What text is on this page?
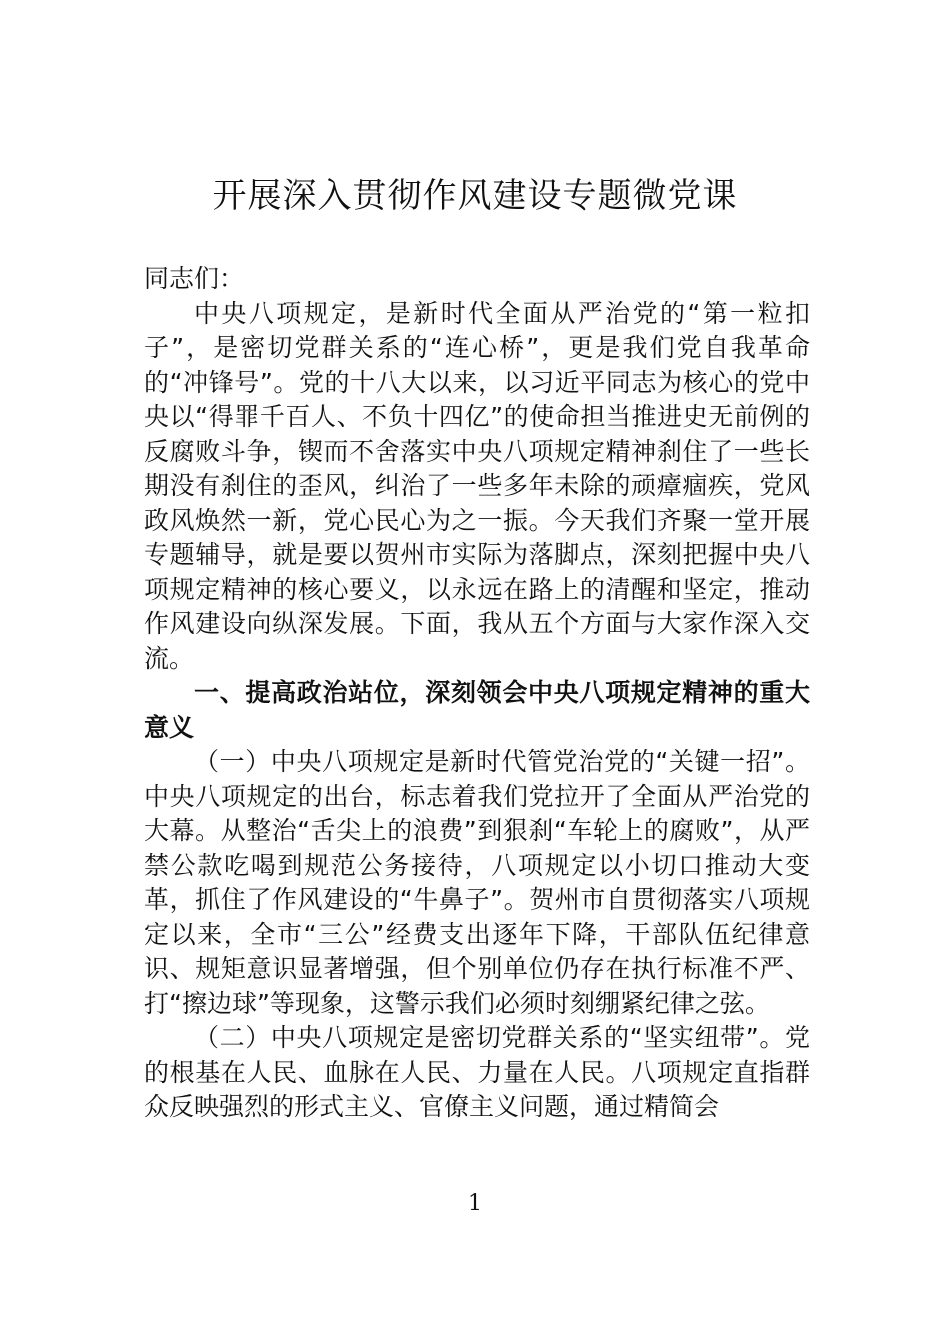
开展深入贯彻作风建设专题微党课

同志们：

中央八项规定，是新时代全面从严治党的“第一粒扣子”，是密切党群关系的“连心桥”，更是我们党自我革命的“冲锋号”。党的十八大以来，以习近平同志为核心的党中央以“得罪千百人、不负十四亿”的使命担当推进史无前例的反腐败斗争，锲而不舍落实中央八项规定精神刹住了一些长期没有刹住的歪风，纠治了一些多年未除的顽瘴痼疾，党风政风焕然一新，党心民心为之一振。今天我们齐聚一堂开展专题辅导，就是要以贺州市实际为落脚点，深刻把握中央八项规定精神的核心要义，以永远在路上的清醒和坚定，推动作风建设向纵深发展。下面，我从五个方面与大家作深入交流。

一、提高政治站位，深刻领会中央八项规定精神的重大意义

（一）中央八项规定是新时代管党治党的“关键一招”。中央八项规定的出台，标志着我们党拉开了全面从严治党的大幕。从整治“舌尖上的浪费”到狠刹“车轮上的腐败”，从严禁公款吃喝到规范公务接待，八项规定以小切口推动大变革，抓住了作风建设的“牛鼻子”。贺州市自贯彻落实八项规定以来，全市“三公”经费支出逐年下降，干部队伍纪律意识、规矩意识显著增强，但个别单位仍存在执行标准不严、打“擦边球”等现象，这警示我们必须时刻绷紧纪律之弦。

（二）中央八项规定是密切党群关系的“坚实纽带”。党的根基在人民、血脉在人民、力量在人民。八项规定直指群众反映强烈的形式主义、官僚主义问题，通过精简会

1
